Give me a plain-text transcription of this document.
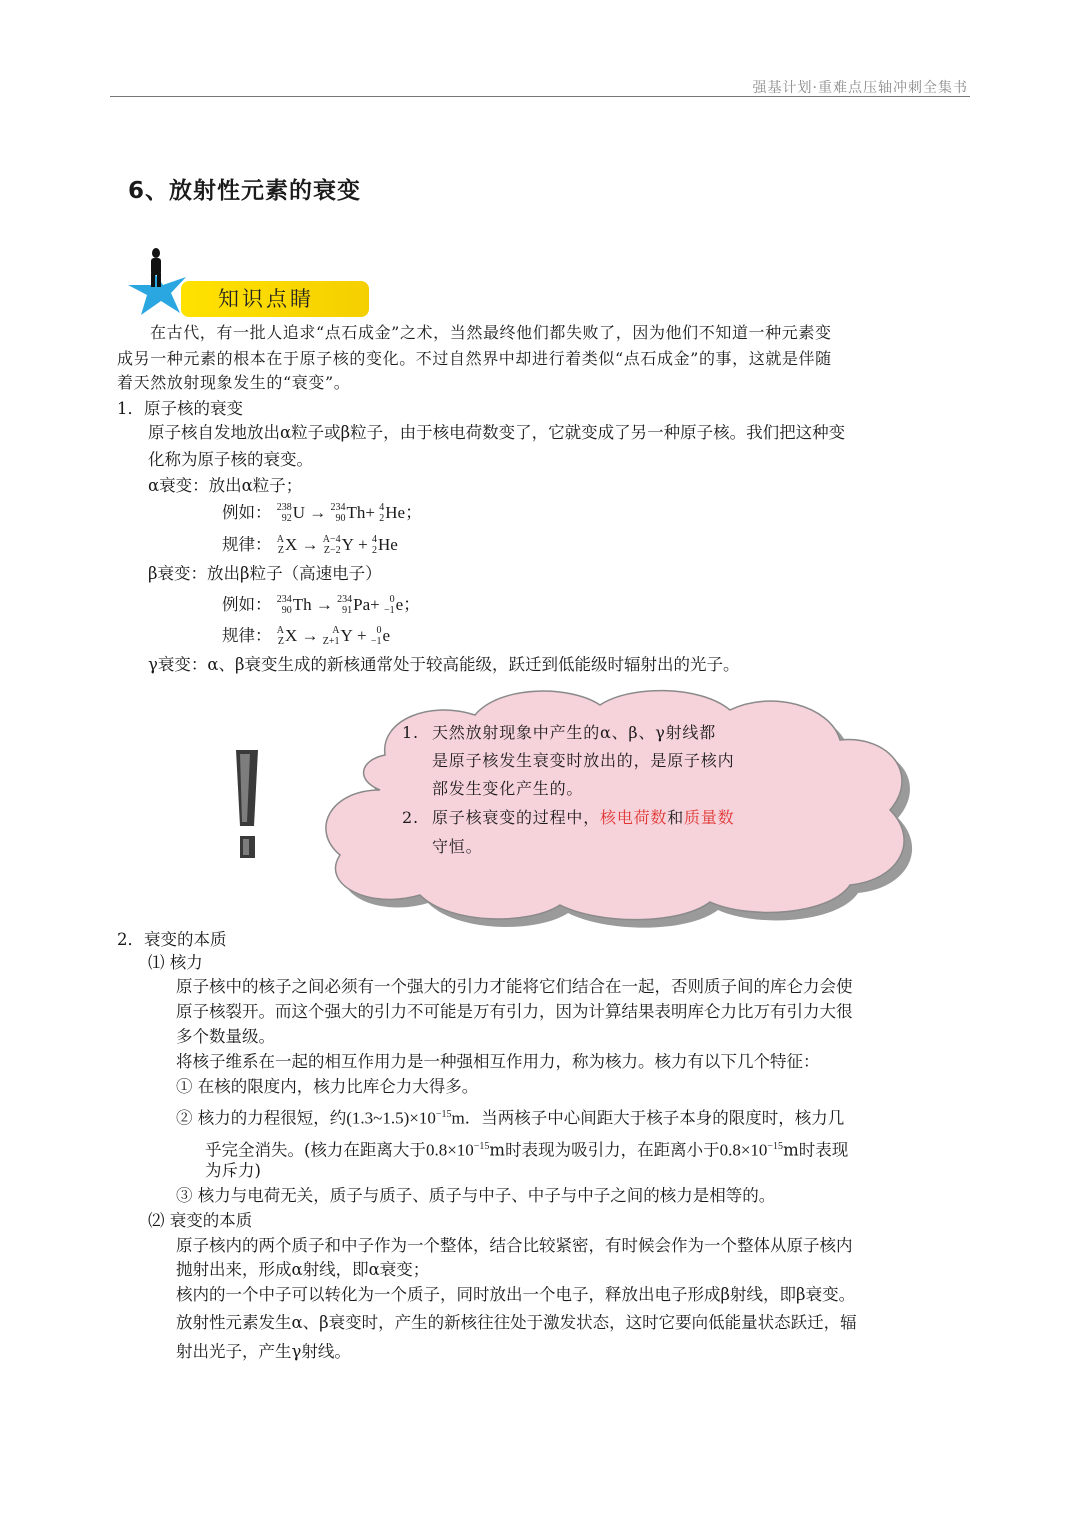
强基计划·重难点压轴冲刺全集书
6、放射性元素的衰变
知识点睛
在古代，有一批人追求“点石成金”之术，当然最终他们都失败了，因为他们不知道一种元素变
成另一种元素的根本在于原子核的变化。不过自然界中却进行着类似“点石成金”的事，这就是伴随
着天然放射现象发生的“衰变”。
1．原子核的衰变
原子核自发地放出α粒子或β粒子，由于核电荷数变了，它就变成了另一种原子核。我们把这种变
化称为原子核的衰变。
α衰变：放出α粒子；
例如： 238
92 U → 234
90 Th+ 4
2 He；
规律： A
Z X → A−4
Z−2 Y + 4
2 He
β衰变：放出β粒子（高速电子）
例如： 234
90 Th → 234
91 Pa+ 0
−1 e；
规律： A
Z X → A
Z+1 Y + 0
−1 e
γ衰变：α、β衰变生成的新核通常处于较高能级，跃迁到低能级时辐射出的光子。
1. 天然放射现象中产生的α、β、γ射线都
是原子核发生衰变时放出的，是原子核内
部发生变化产生的。
2. 原子核衰变的过程中，核电荷数和质量数
守恒。
2．衰变的本质
⑴ 核力
原子核中的核子之间必须有一个强大的引力才能将它们结合在一起，否则质子间的库仑力会使
原子核裂开。而这个强大的引力不可能是万有引力，因为计算结果表明库仑力比万有引力大很
多个数量级。
将核子维系在一起的相互作用力是一种强相互作用力，称为核力。核力有以下几个特征：
① 在核的限度内，核力比库仑力大得多。
② 核力的力程很短，约$(1.3\sim 1.5)\times 10^{-15}m$．当两核子中心间距大于核子本身的限度时，核力几
乎完全消失。(核力在距离大于$0.8\times 10^{-15}m$时表现为吸引力，在距离小于$0.8\times 10^{-15}m$时表现
为斥力)
③ 核力与电荷无关，质子与质子、质子与中子、中子与中子之间的核力是相等的。
⑵ 衰变的本质
原子核内的两个质子和中子作为一个整体，结合比较紧密，有时候会作为一个整体从原子核内
抛射出来，形成α射线，即α衰变；
核内的一个中子可以转化为一个质子，同时放出一个电子，释放出电子形成β射线，即β衰变。
放射性元素发生α、β衰变时，产生的新核往往处于激发状态，这时它要向低能量状态跃迁，辐
射出光子，产生γ射线。
